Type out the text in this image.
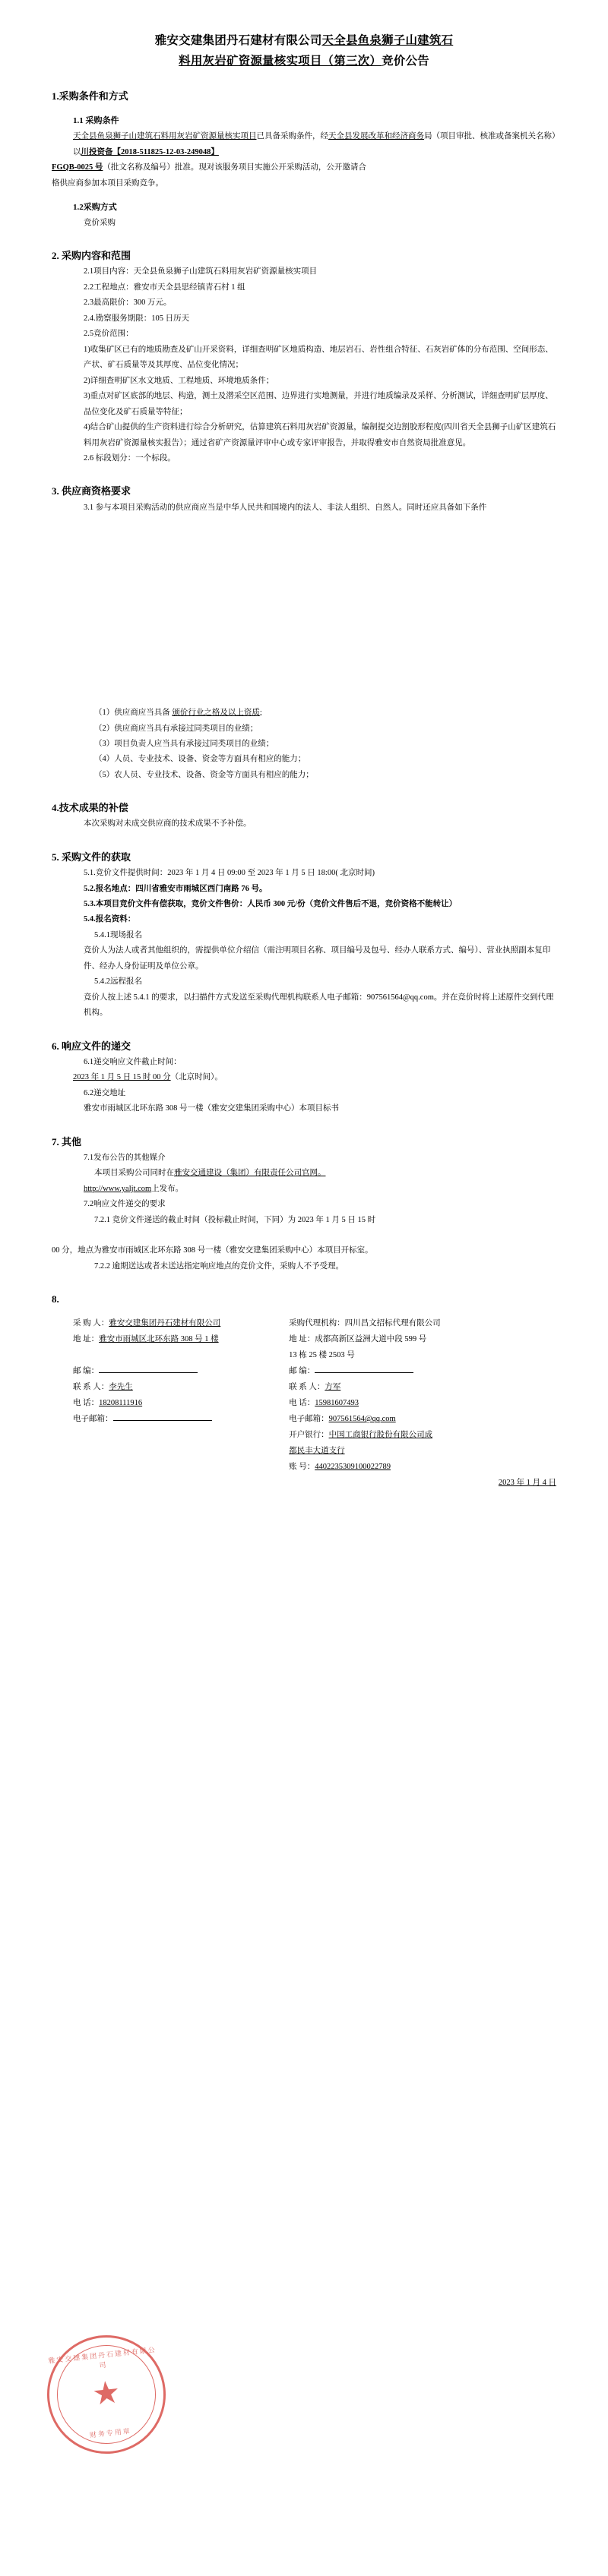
雅安交建集团丹石建材有限公司天全县鱼泉狮子山建筑石
料用灰岩矿资源量核实项目（第三次）竞价公告
1.采购条件和方式
1.1 采购条件

天全县鱼泉狮子山建筑石料用灰岩矿资源量核实项目已具备采购条件，经天全县发展改革和经济商务局（项目审批、核准或备案机关名称）以川投资备【2018-511825-12-03-249048】

FGQB-0025 号（批文名称及编号）批准。现对该服务项目实施公开采购活动，公开邀请合

格供应商参加本项目采购竞争。

1.2采购方式

竞价采购

2. 采购内容和范围

2.1项目内容：天全县鱼泉狮子山建筑石料用灰岩矿资源量核实项目

2.2工程地点：雅安市天全县思经镇青石村 1 组

2.3最高限价：300 万元。

2.4.勘察服务期限：105 日历天

2.5竞价范围：

1)收集矿区已有的地质勘查及矿山开采资料，详细查明矿区地质构造、地层岩石、岩性组合特征、石灰岩矿体的分布范围、空间形态、产状、矿石质量等及其厚度、品位变化情况；

2)详细查明矿区水文地质、工程地质、环境地质条件；

3)重点对矿区底部的地层、构造，测土及潜采空区范围、边界进行实地测量，并进行地质编录及采样、分析测试，详细查明矿层厚度、品位变化及矿石质量等特征；

4)结合矿山提供的生产资料进行综合分析研究，估算建筑石料用灰岩矿资源量，编制提交边割胶形程度(四川省天全县狮子山矿区建筑石料用灰岩矿资源量核实报告）；通过省矿产资源量评审中心或专家评审报告，并取得雅安市自然资局批准意见。

2.6 标段划分：一个标段。

3. 供应商资格要求

3.1 参与本项目采购活动的供应商应当是中华人民共和国境内的法人、非法人组织、自然人。同时还应具备如下条件

（1）供应商应当具备 颁价行业之格及以上资质;

（2）供应商应当具有承接过同类项目的业绩；

（3）项目负责人应当具有承接过同类项目的业绩；

（4）人员、专业技术、设备、资金等方面具有相应的能力；

（5）农人员、专业技术、设备、资金等方面具有相应的能力；

4.技术成果的补偿

本次采购对未成交供应商的技术成果不予补偿。

5. 采购文件的获取

5.1.竞价文件提供时间：2023 年 1 月 4 日 09:00 至 2023 年 1 月 5 日 18:00( 北京时间)

5.2.报名地点：四川省雅安市雨城区西门南路 76 号。

5.3.本项目竞价文件有偿获取，竞价文件售价：人民币 300 元/份（竞价文件售后不退，竞价资格不能转让）

5.4.报名资料：

5.4.1现场报名

竞价人为法人或者其他组织的，需提供单位介绍信（需注明项目名称、项目编号及包号、经办人联系方式、编号）、营业执照副本复印件、经办人身份证明及单位公章。

5.4.2远程报名

竞价人按上述 5.4.1 的要求，以扫描件方式发送至采购代理机构联系人电子邮箱：907561564@qq.com。并在竞价时将上述原件交到代理机构。

6. 响应文件的递交

6.1递交响应文件截止时间：

2023 年 1 月 5 日 15 时 00 分（北京时间）。

6.2递交地址

雅安市雨城区北环东路 308 号一楼（雅安交建集团采购中心）本项目标书

7. 其他

7.1发布公告的其他媒介

本项目采购公司同时在雅安交通建设（集团）有限责任公司官网。

http://www.yaljt.com上发布。

7.2响应文件递交的要求

7.2.1 竞价文件递送的截止时间（投标截止时间，下同）为 2023 年 1 月 5 日 15 时

00 分，地点为雅安市雨城区北环东路 308 号一楼（雅安交建集团采购中心）本项目开标室。

7.2.2 逾期送达或者未送达指定响应地点的竞价文件，采购人不予受理。

8.
采 购 人：雅安交建集团丹石建材有限公司	采购代理机构：四川昌文招标代理有限公司
地 址：雅安市雨城区北环东路 308 号 1 楼	地 址：成都高新区益洲大道中段 599 号
	13 栋 25 楼 2503 号
邮 编：	邮 编：
联 系 人：李先生	联 系 人：方军
电 话：18208111916	电 话：15981607493
电子邮箱：	电子邮箱：907561564@qq.com
	开户银行：中国工商银行股份有限公司成
	都民丰大道支行
	账 号：4402235309100022789
	2023 年 1 月 4 日
雅安交建集团丹石建材有限公司
★
财务专用章
